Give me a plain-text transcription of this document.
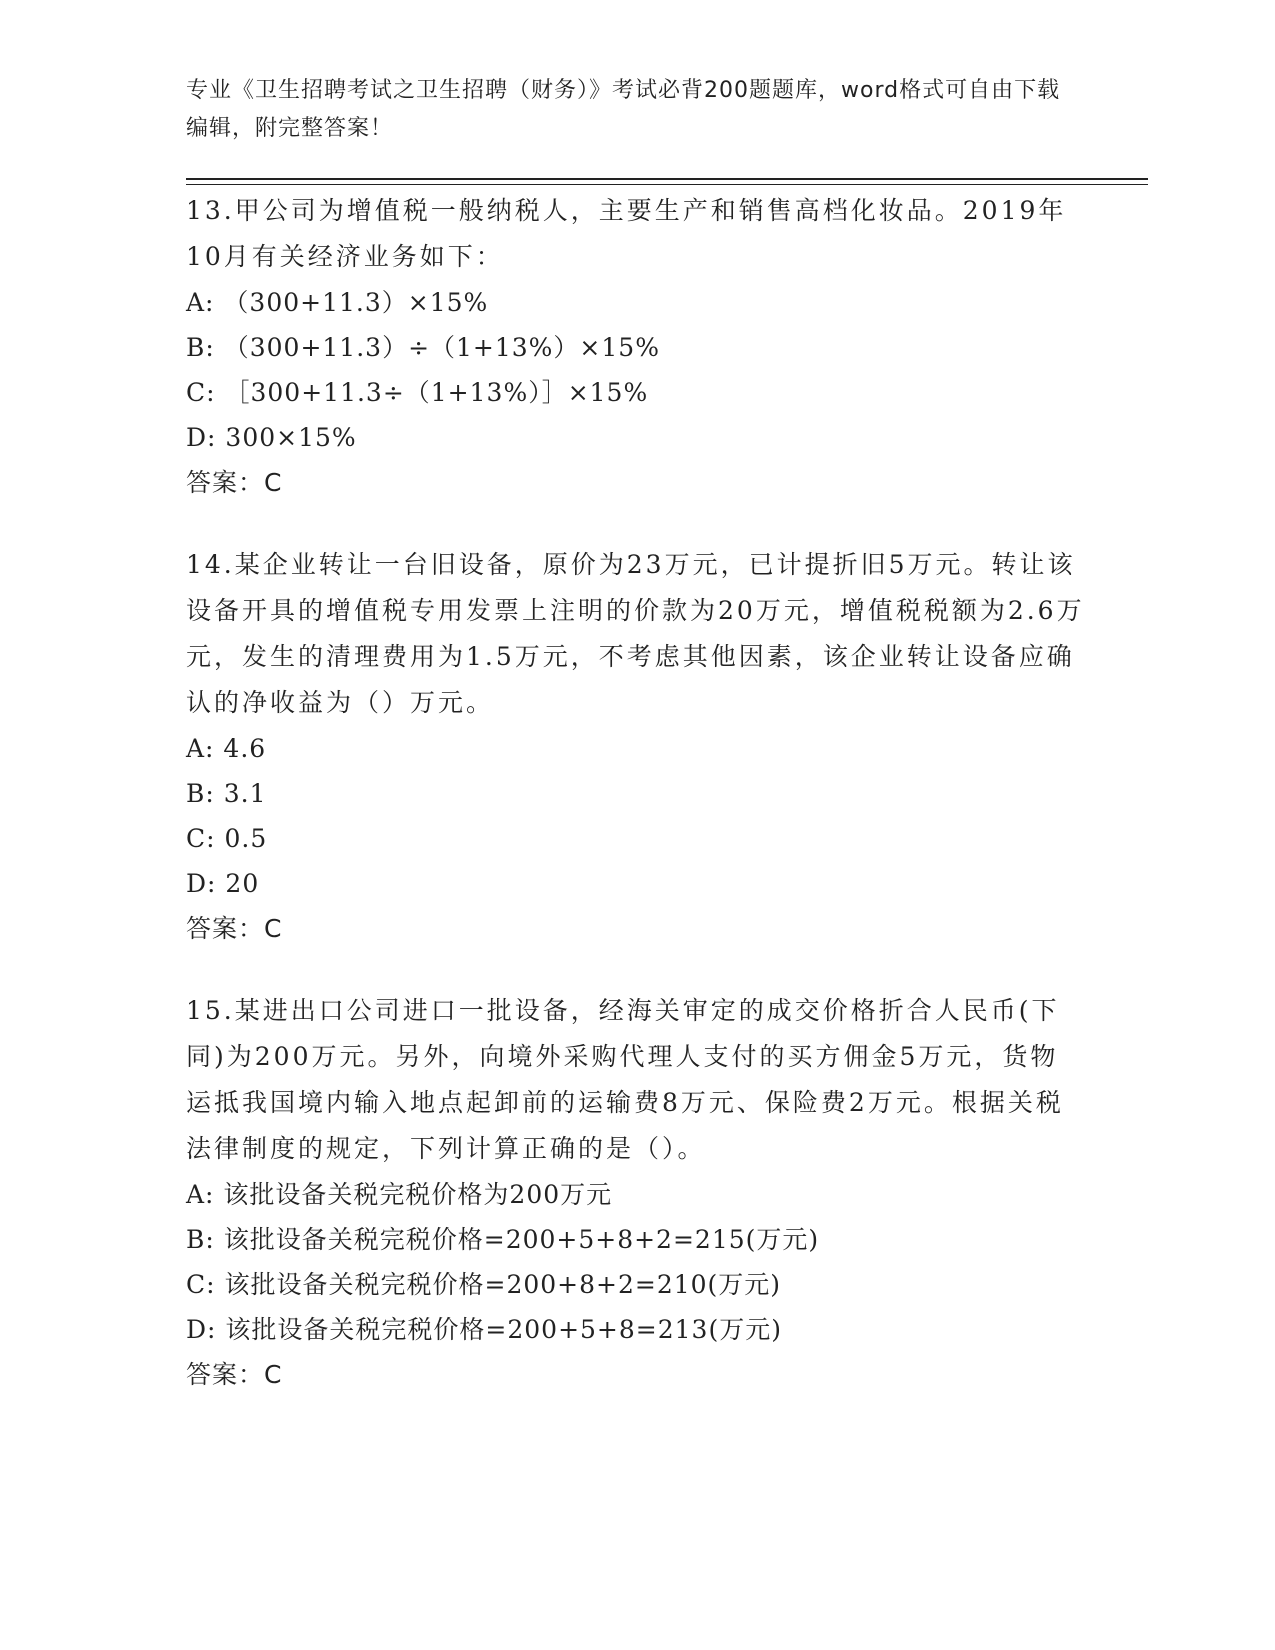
专业《卫生招聘考试之卫生招聘（财务）》考试必背200题题库，word格式可自由下载编辑，附完整答案！
13.甲公司为增值税一般纳税人，主要生产和销售高档化妆品。2019年10月有关经济业务如下：
A: （300+11.3）×15%
B: （300+11.3）÷（1+13%）×15%
C: ［300+11.3÷（1+13%）］×15%
D: 300×15%
答案：C
14.某企业转让一台旧设备，原价为23万元，已计提折旧5万元。转让该设备开具的增值税专用发票上注明的价款为20万元，增值税税额为2.6万元，发生的清理费用为1.5万元，不考虑其他因素，该企业转让设备应确认的净收益为（）万元。
A: 4.6
B: 3.1
C: 0.5
D: 20
答案：C
15.某进出口公司进口一批设备，经海关审定的成交价格折合人民币(下同)为200万元。另外，向境外采购代理人支付的买方佣金5万元，货物运抵我国境内输入地点起卸前的运输费8万元、保险费2万元。根据关税法律制度的规定，下列计算正确的是（）。
A: 该批设备关税完税价格为200万元
B: 该批设备关税完税价格=200+5+8+2=215(万元)
C: 该批设备关税完税价格=200+8+2=210(万元)
D: 该批设备关税完税价格=200+5+8=213(万元)
答案：C
